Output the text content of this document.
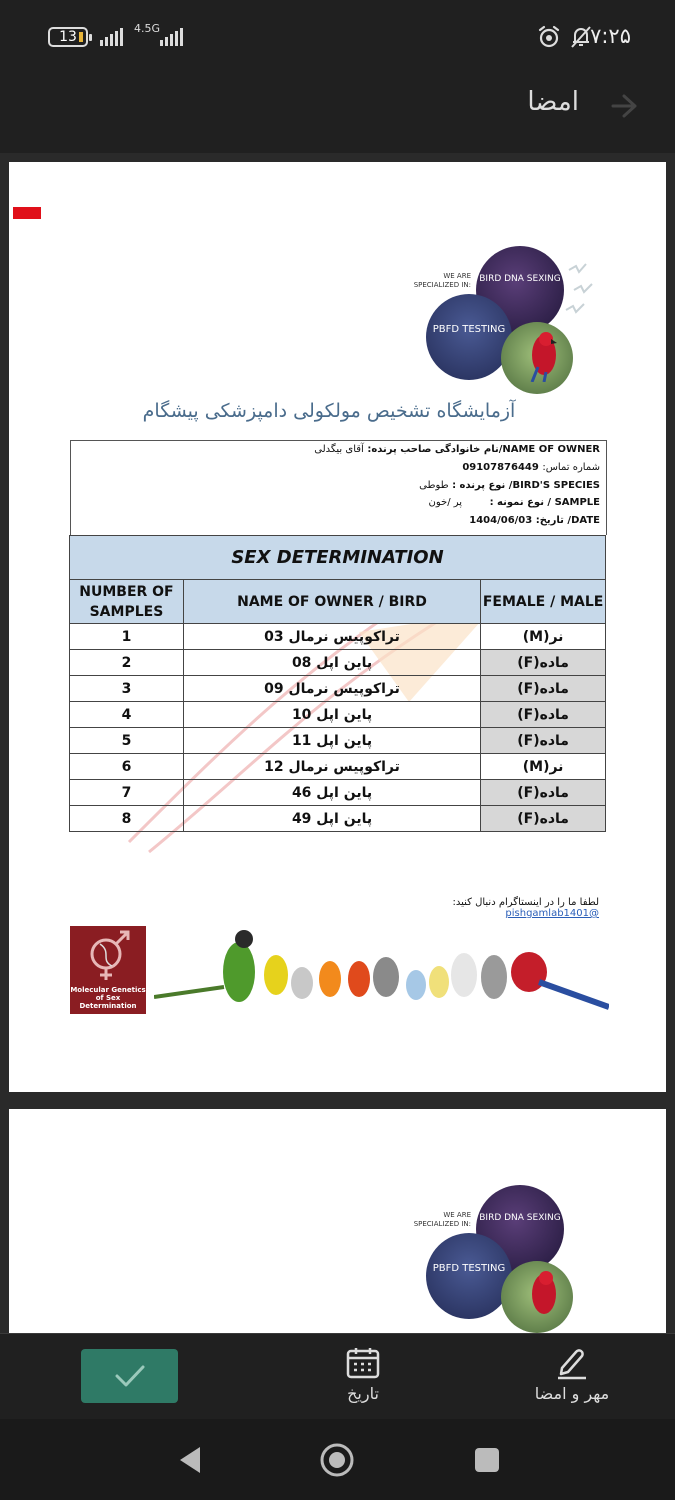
13
4.5G	۷:۲۵
امضا
WE ARE SPECIALIZED IN:
BIRD DNA SEXING
PBFD TESTING
آزمایشگاه تشخیص مولکولی دامپزشکی پیشگام
NAME OF OWNER/نام خانوادگی صاحب پرنده: آقای بیگدلی
شماره تماس: 09107876449
BIRD'S SPECIES/ نوع پرنده : طوطی
SAMPLE / نوع نمونه : پر /خون
DATE/ تاریخ: 1404/06/03
SEX DETERMINATION		
NUMBER OF SAMPLES	NAME OF OWNER / BIRD	FEMALE / MALE
1	تراکوپیس نرمال 03	نر(M)
2	پاین اپل 08	ماده(F)
3	تراکوپیس نرمال 09	ماده(F)
4	پاین اپل 10	ماده(F)
5	پاین اپل 11	ماده(F)
6	تراکوپیس نرمال 12	نر(M)
7	پاین اپل 46	ماده(F)
8	پاین اپل 49	ماده(F)
لطفا ما را در اینستاگرام دنبال کنید: @pishgamlab1401
Molecular Genetics of Sex Determination
WE ARE SPECIALIZED IN:
BIRD DNA SEXING
PBFD TESTING
تاریخ	مهر و امضا
